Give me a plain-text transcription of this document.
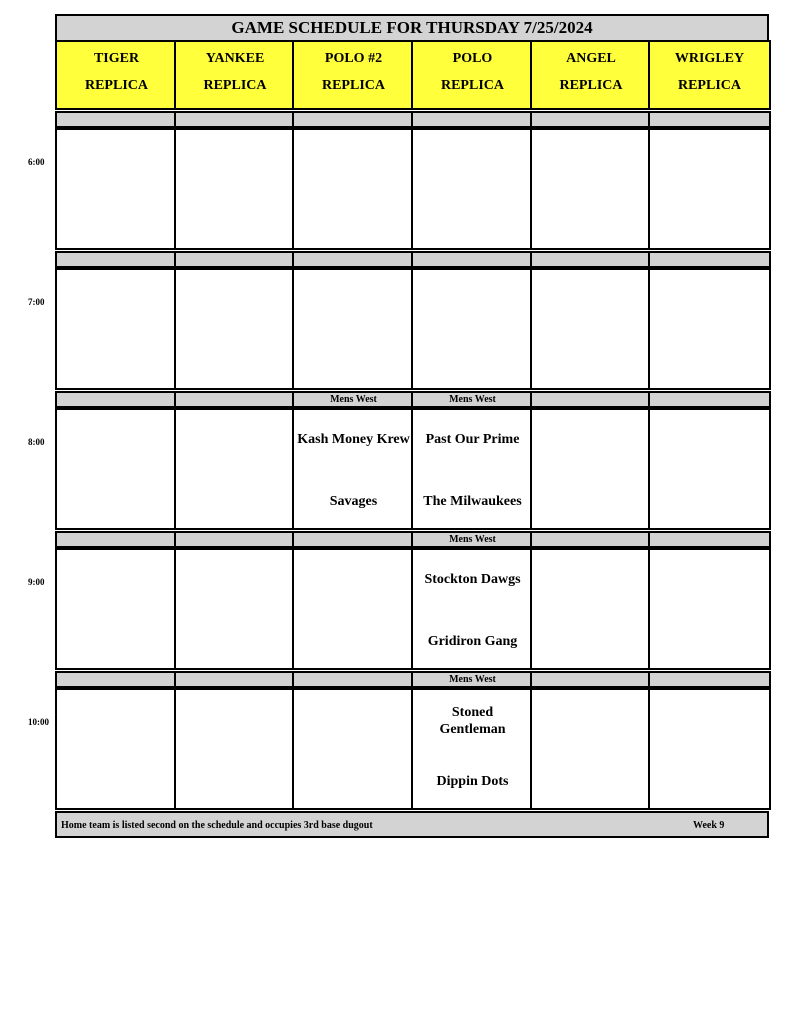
GAME SCHEDULE FOR THURSDAY 7/25/2024
TIGER
REPLICA
YANKEE
REPLICA
POLO #2
REPLICA
POLO
REPLICA
ANGEL
REPLICA
WRIGLEY
REPLICA
6:00
7:00
8:00
Mens West
Kash Money Krew
Savages
Mens West
Past Our Prime
The Milwaukees
9:00
Mens West
Stockton Dawgs
Gridiron Gang
10:00
Mens West
Stoned Gentleman
Dippin Dots
Home team is listed second on the schedule and occupies 3rd base dugout	Week 9
